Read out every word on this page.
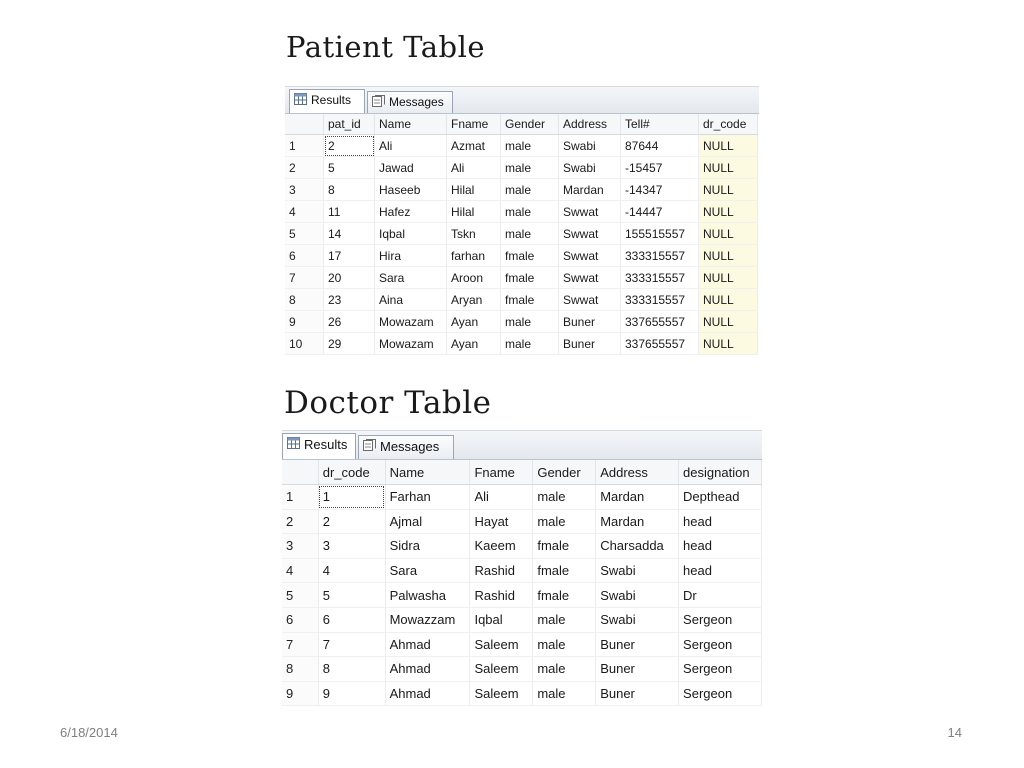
Patient Table
Results	Messages
	pat_id	Name	Fname	Gender	Address	Tell#	dr_code
1	2	Ali	Azmat	male	Swabi	87644	NULL
2	5	Jawad	Ali	male	Swabi	-15457	NULL
3	8	Haseeb	Hilal	male	Mardan	-14347	NULL
4	11	Hafez	Hilal	male	Swwat	-14447	NULL
5	14	Iqbal	Tskn	male	Swwat	155515557	NULL
6	17	Hira	farhan	fmale	Swwat	333315557	NULL
7	20	Sara	Aroon	fmale	Swwat	333315557	NULL
8	23	Aina	Aryan	fmale	Swwat	333315557	NULL
9	26	Mowazam	Ayan	male	Buner	337655557	NULL
10	29	Mowazam	Ayan	male	Buner	337655557	NULL
Doctor Table
Results	Messages
	dr_code	Name	Fname	Gender	Address	designation
1	1	Farhan	Ali	male	Mardan	Depthead
2	2	Ajmal	Hayat	male	Mardan	head
3	3	Sidra	Kaeem	fmale	Charsadda	head
4	4	Sara	Rashid	fmale	Swabi	head
5	5	Palwasha	Rashid	fmale	Swabi	Dr
6	6	Mowazzam	Iqbal	male	Swabi	Sergeon
7	7	Ahmad	Saleem	male	Buner	Sergeon
8	8	Ahmad	Saleem	male	Buner	Sergeon
9	9	Ahmad	Saleem	male	Buner	Sergeon
6/18/2014	14
